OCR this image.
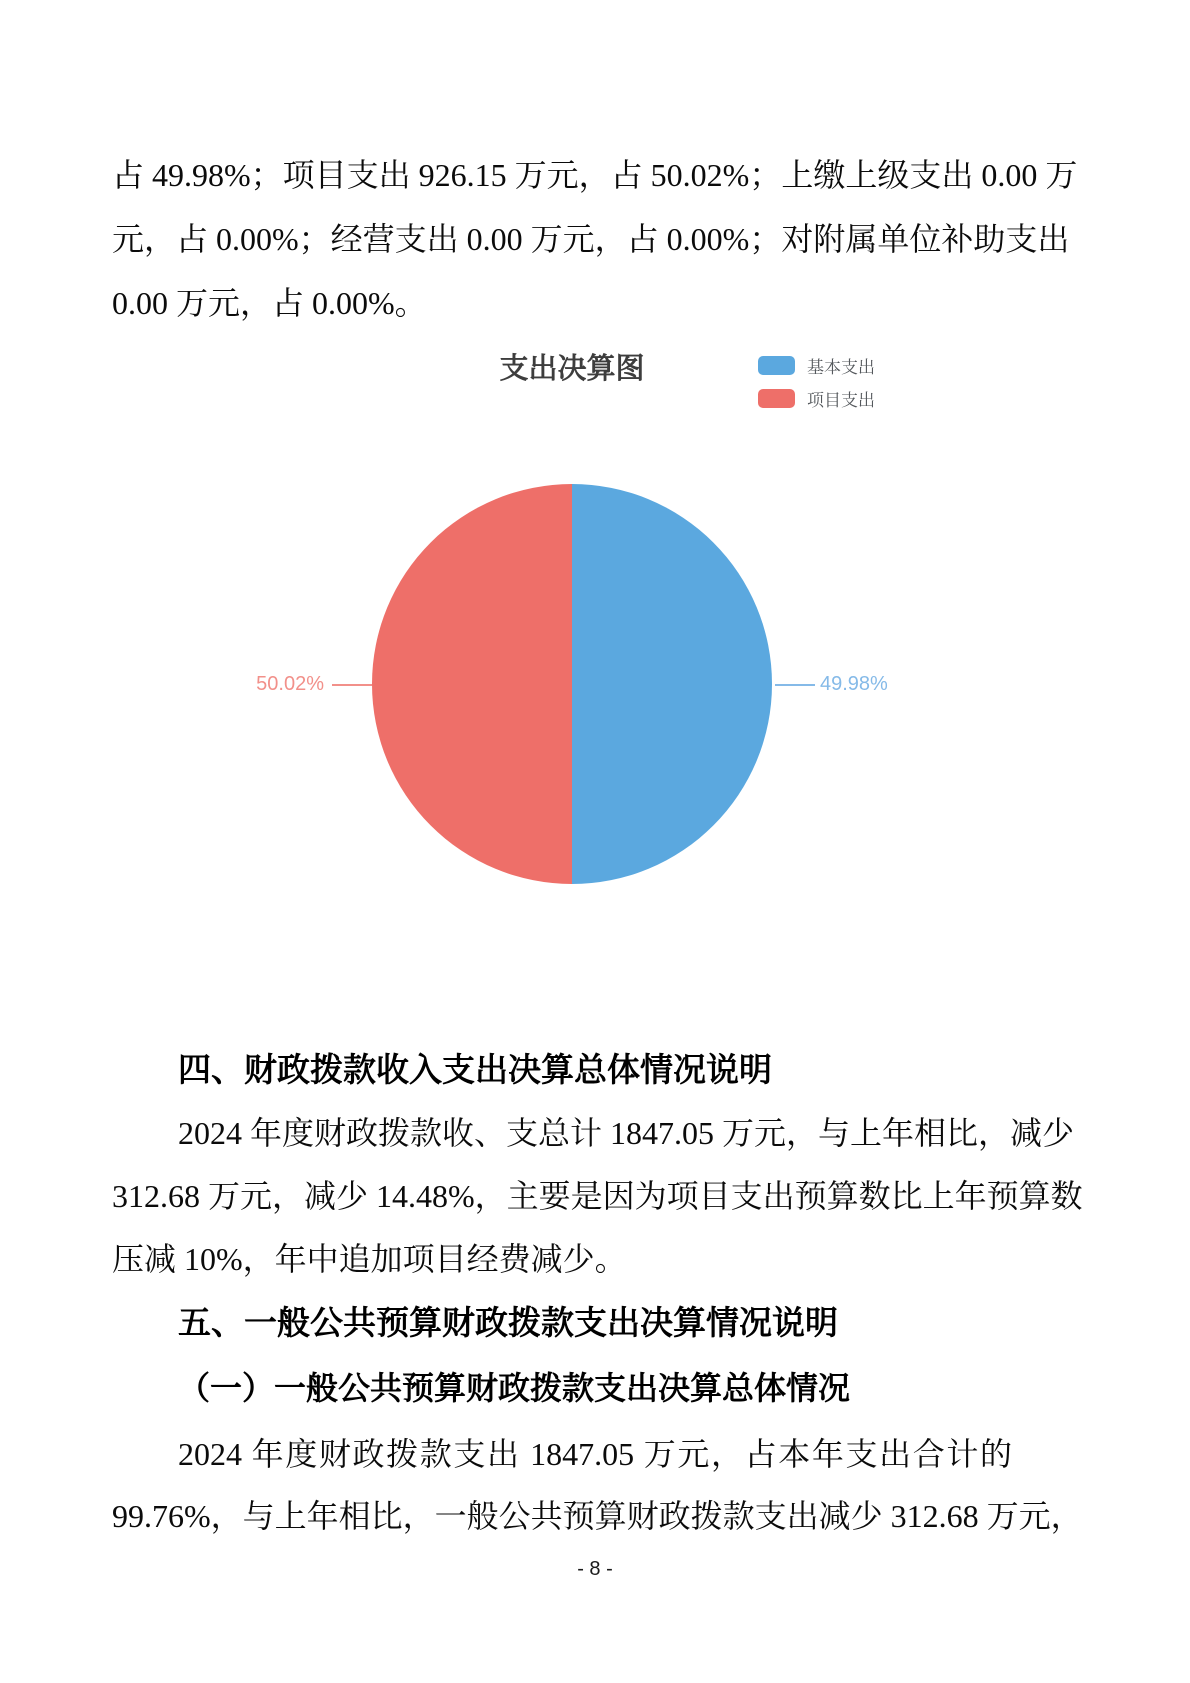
占 49.98%；项目支出 926.15 万元，占 50.02%；上缴上级支出 0.00 万
元，占 0.00%；经营支出 0.00 万元，占 0.00%；对附属单位补助支出
0.00 万元，占 0.00%。
支出决算图	基本支出
项目支出
50.02%	49.98%
四、财政拨款收入支出决算总体情况说明
2024 年度财政拨款收、支总计 1847.05 万元，与上年相比，减少
312.68 万元，减少 14.48%，主要是因为项目支出预算数比上年预算数
压减 10%，年中追加项目经费减少。
五、一般公共预算财政拨款支出决算情况说明
（一）一般公共预算财政拨款支出决算总体情况
2024 年度财政拨款支出 1847.05 万元，占本年支出合计的
99.76%，与上年相比，一般公共预算财政拨款支出减少 312.68 万元，
- 8 -
